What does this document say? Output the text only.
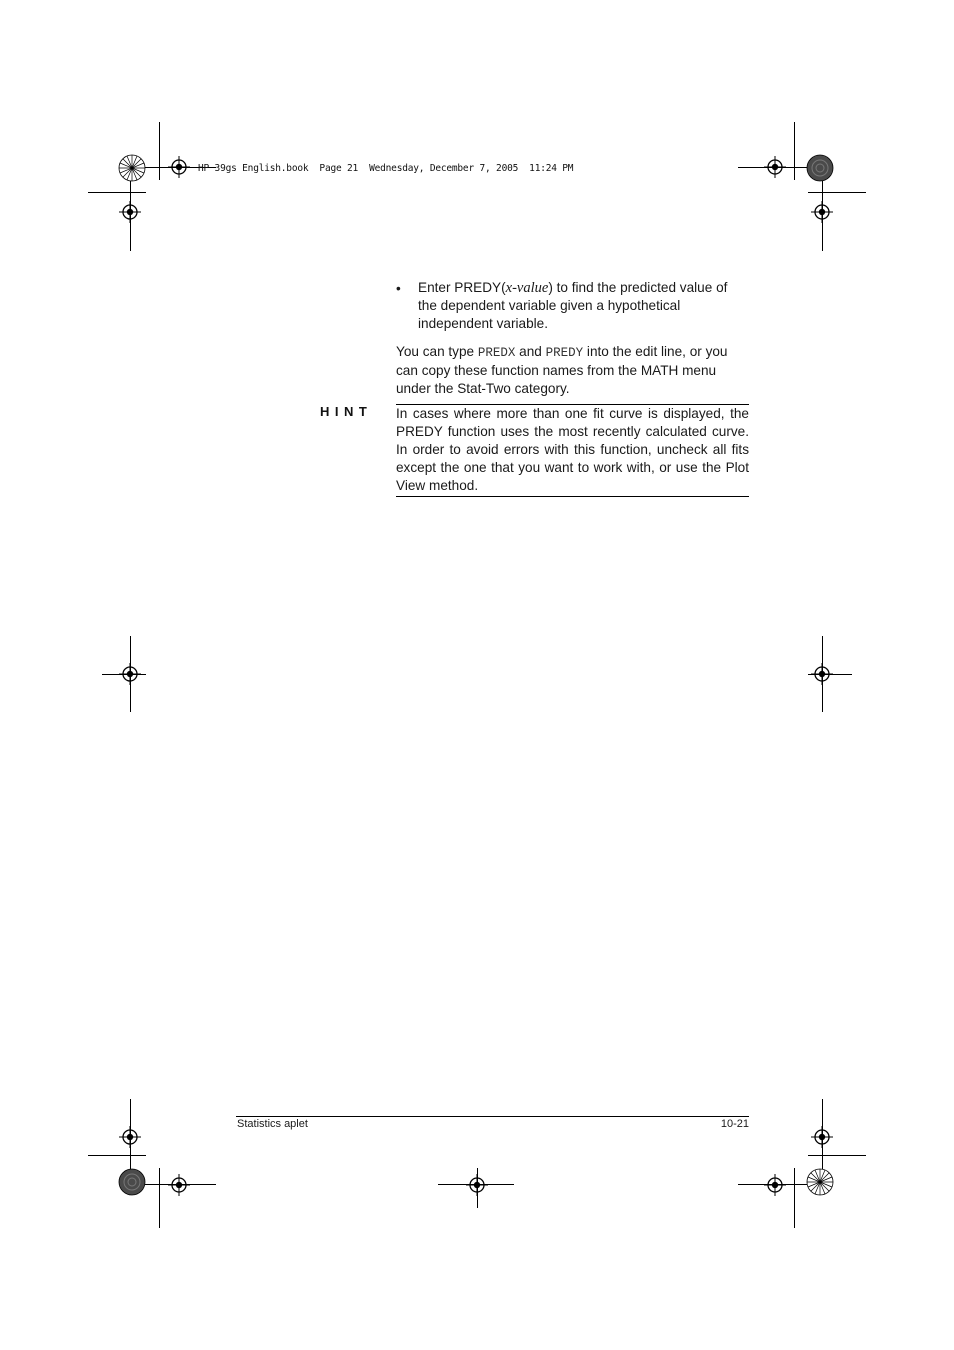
HP 39gs English.book  Page 21  Wednesday, December 7, 2005  11:24 PM
• Enter PREDY(x-value) to find the predicted value of the dependent variable given a hypothetical independent variable.
You can type PREDX and PREDY into the edit line, or you can copy these function names from the MATH menu under the Stat-Two category.
HINT In cases where more than one fit curve is displayed, the PREDY function uses the most recently calculated curve. In order to avoid errors with this function, uncheck all fits except the one that you want to work with, or use the Plot View method.
Statistics aplet	10-21
